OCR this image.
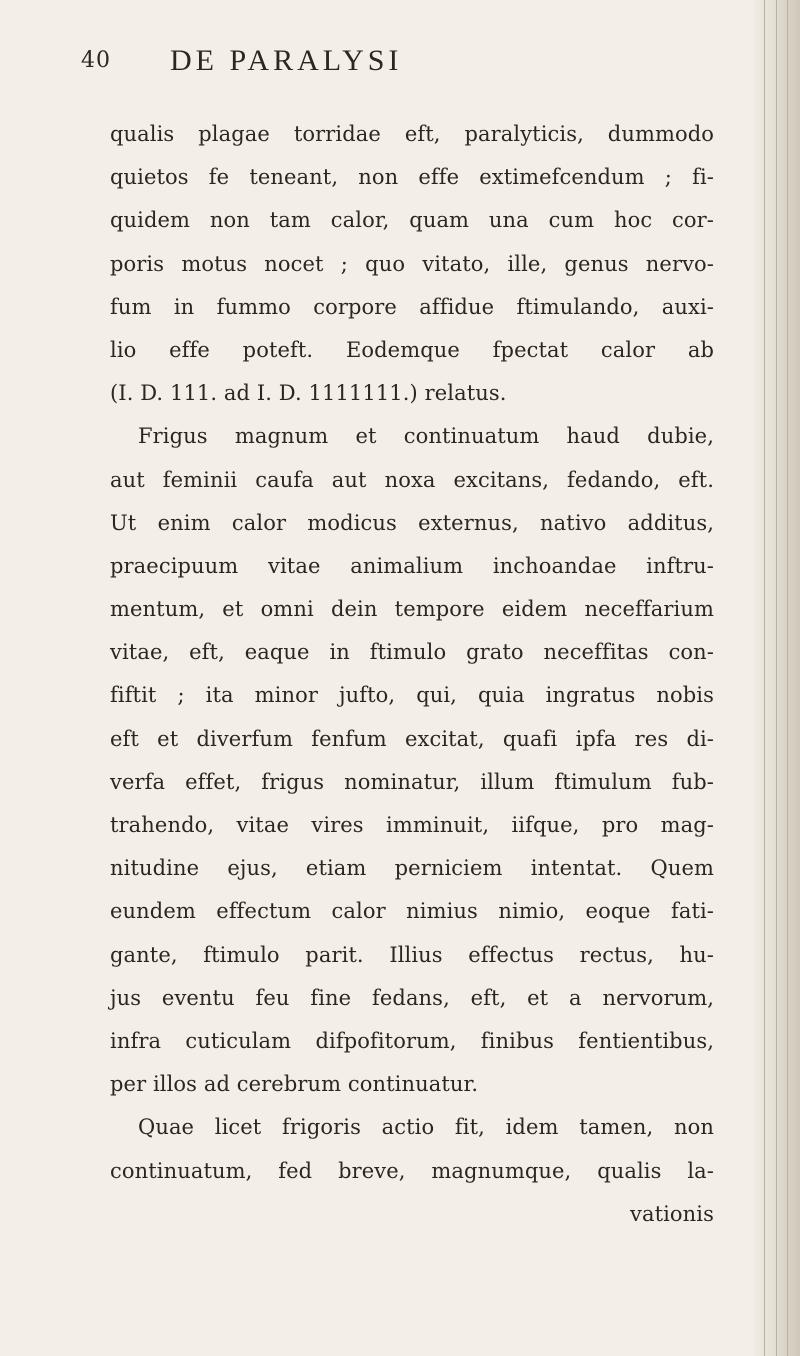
40 DE PARALYSI
qualis plagae torridae eft, paralyticis, dummodo
quietos fe teneant, non effe extimefcendum ; fi-
quidem non tam calor, quam una cum hoc cor-
poris motus nocet ; quo vitato, ille, genus nervo-
fum in fummo corpore affidue ftimulando, auxi-
lio effe poteft. Eodemque fpectat calor ab
(I. D. 111. ad I. D. 1111111.) relatus.
Frigus magnum et continuatum haud dubie,
aut feminii caufa aut noxa excitans, fedando, eft.
Ut enim calor modicus externus, nativo additus,
praecipuum vitae animalium inchoandae inftru-
mentum, et omni dein tempore eidem neceffarium
vitae, eft, eaque in ftimulo grato neceffitas con-
fiftit ; ita minor jufto, qui, quia ingratus nobis
eft et diverfum fenfum excitat, quafi ipfa res di-
verfa effet, frigus nominatur, illum ftimulum fub-
trahendo, vitae vires imminuit, iifque, pro mag-
nitudine ejus, etiam perniciem intentat. Quem
eundem effectum calor nimius nimio, eoque fati-
gante, ftimulo parit. Illius effectus rectus, hu-
jus eventu feu fine fedans, eft, et a nervorum,
infra cuticulam difpofitorum, finibus fentientibus,
per illos ad cerebrum continuatur.
Quae licet frigoris actio fit, idem tamen, non
continuatum, fed breve, magnumque, qualis la-
vationis
